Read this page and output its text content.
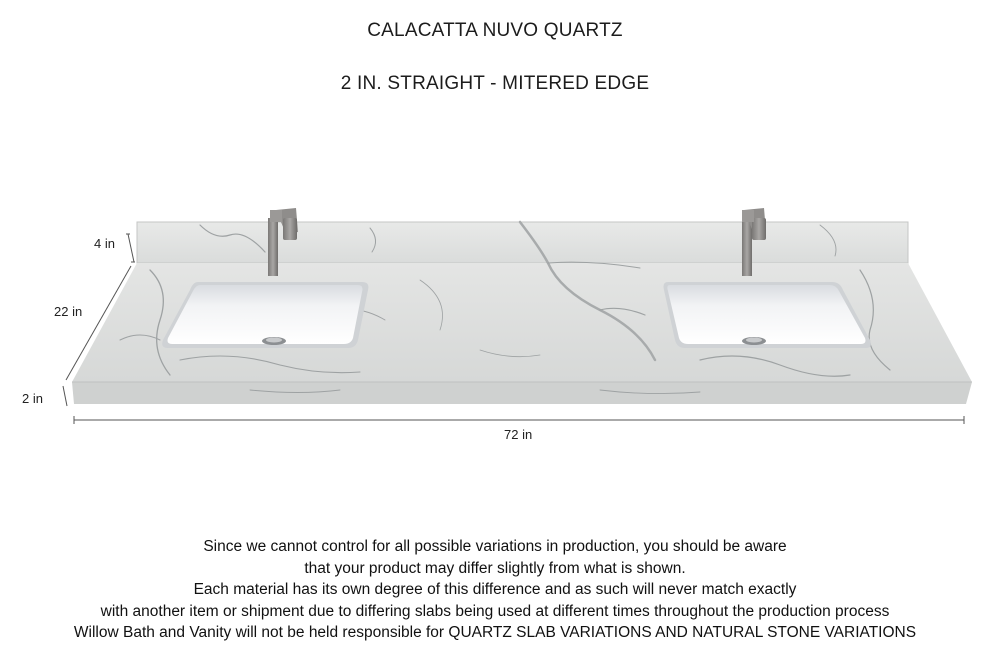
CALACATTA NUVO QUARTZ
2 IN. STRAIGHT - MITERED EDGE
4 in
22 in
2 in
72 in
Since we cannot control for all possible variations in production, you should be aware
that your product may differ slightly from what is shown.
Each material has its own degree of this difference and as such will never match exactly
with another item or shipment due to differing slabs being used at different times throughout the production process
Willow Bath and Vanity will not be held responsible for QUARTZ SLAB VARIATIONS AND NATURAL STONE VARIATIONS
